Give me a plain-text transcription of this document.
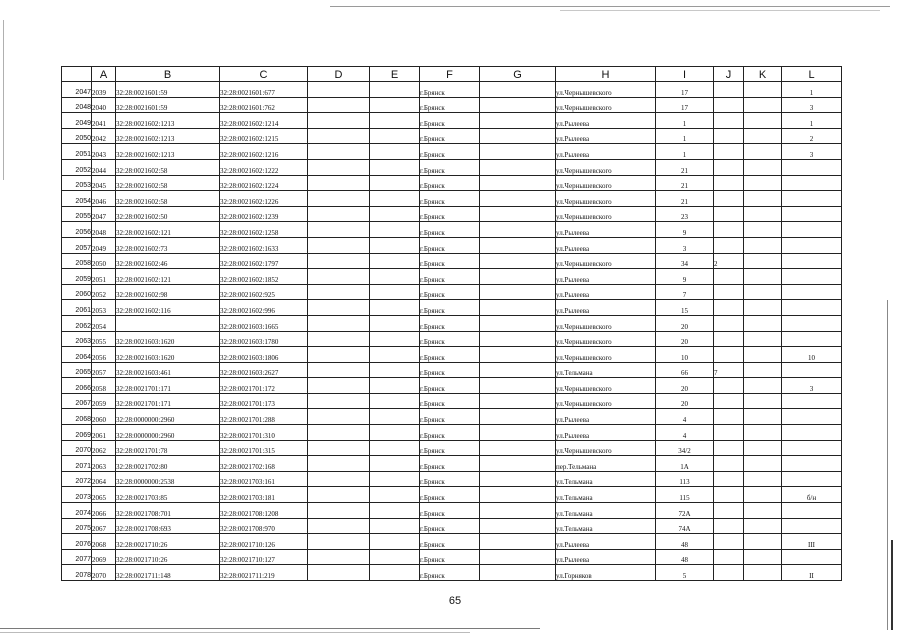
	A	B	C	D	E	F	G	H	I	J	K	L
2047	2039	32:28:0021601:59	32:28:0021601:677			г.Брянск		ул.Чернышевского	17			1
2048	2040	32:28:0021601:59	32:28:0021601:762			г.Брянск		ул.Чернышевского	17			3
2049	2041	32:28:0021602:1213	32:28:0021602:1214			г.Брянск		ул.Рылеева	1			1
2050	2042	32:28:0021602:1213	32:28:0021602:1215			г.Брянск		ул.Рылеева	1			2
2051	2043	32:28:0021602:1213	32:28:0021602:1216			г.Брянск		ул.Рылеева	1			3
2052	2044	32:28:0021602:58	32:28:0021602:1222			г.Брянск		ул.Чернышевского	21			
2053	2045	32:28:0021602:58	32:28:0021602:1224			г.Брянск		ул.Чернышевского	21			
2054	2046	32:28:0021602:58	32:28:0021602:1226			г.Брянск		ул.Чернышевского	21			
2055	2047	32:28:0021602:50	32:28:0021602:1239			г.Брянск		ул.Чернышевского	23			
2056	2048	32:28:0021602:121	32:28:0021602:1258			г.Брянск		ул.Рылеева	9			
2057	2049	32:28:0021602:73	32:28:0021602:1633			г.Брянск		ул.Рылеева	3			
2058	2050	32:28:0021602:46	32:28:0021602:1797			г.Брянск		ул.Чернышевского	34	2		
2059	2051	32:28:0021602:121	32:28:0021602:1852			г.Брянск		ул.Рылеева	9			
2060	2052	32:28:0021602:98	32:28:0021602:925			г.Брянск		ул.Рылеева	7			
2061	2053	32:28:0021602:116	32:28:0021602:996			г.Брянск		ул.Рылеева	15			
2062	2054		32:28:0021603:1665			г.Брянск		ул.Чернышевского	20			
2063	2055	32:28:0021603:1620	32:28:0021603:1780			г.Брянск		ул.Чернышевского	20			
2064	2056	32:28:0021603:1620	32:28:0021603:1806			г.Брянск		ул.Чернышевского	10			10
2065	2057	32:28:0021603:461	32:28:0021603:2627			г.Брянск		ул.Тельмана	66	7		
2066	2058	32:28:0021701:171	32:28:0021701:172			г.Брянск		ул.Чернышевского	20			3
2067	2059	32:28:0021701:171	32:28:0021701:173			г.Брянск		ул.Чернышевского	20			
2068	2060	32:28:0000000:2960	32:28:0021701:288			г.Брянск		ул.Рылеева	4			
2069	2061	32:28:0000000:2960	32:28:0021701:310			г.Брянск		ул.Рылеева	4			
2070	2062	32:28:0021701:78	32:28:0021701:315			г.Брянск		ул.Чернышевского	34/2			
2071	2063	32:28:0021702:80	32:28:0021702:168			г.Брянск		пер.Тельмана	1А			
2072	2064	32:28:0000000:2538	32:28:0021703:161			г.Брянск		ул.Тельмана	113			
2073	2065	32:28:0021703:85	32:28:0021703:181			г.Брянск		ул.Тельмана	115			б/н
2074	2066	32:28:0021708:701	32:28:0021708:1208			г.Брянск		ул.Тельмана	72А			
2075	2067	32:28:0021708:693	32:28:0021708:970			г.Брянск		ул.Тельмана	74А			
2076	2068	32:28:0021710:26	32:28:0021710:126			г.Брянск		ул.Рылеева	48			III
2077	2069	32:28:0021710:26	32:28:0021710:127			г.Брянск		ул.Рылеева	48			
2078	2070	32:28:0021711:148	32:28:0021711:219			г.Брянск		ул.Горняков	5			II
65
